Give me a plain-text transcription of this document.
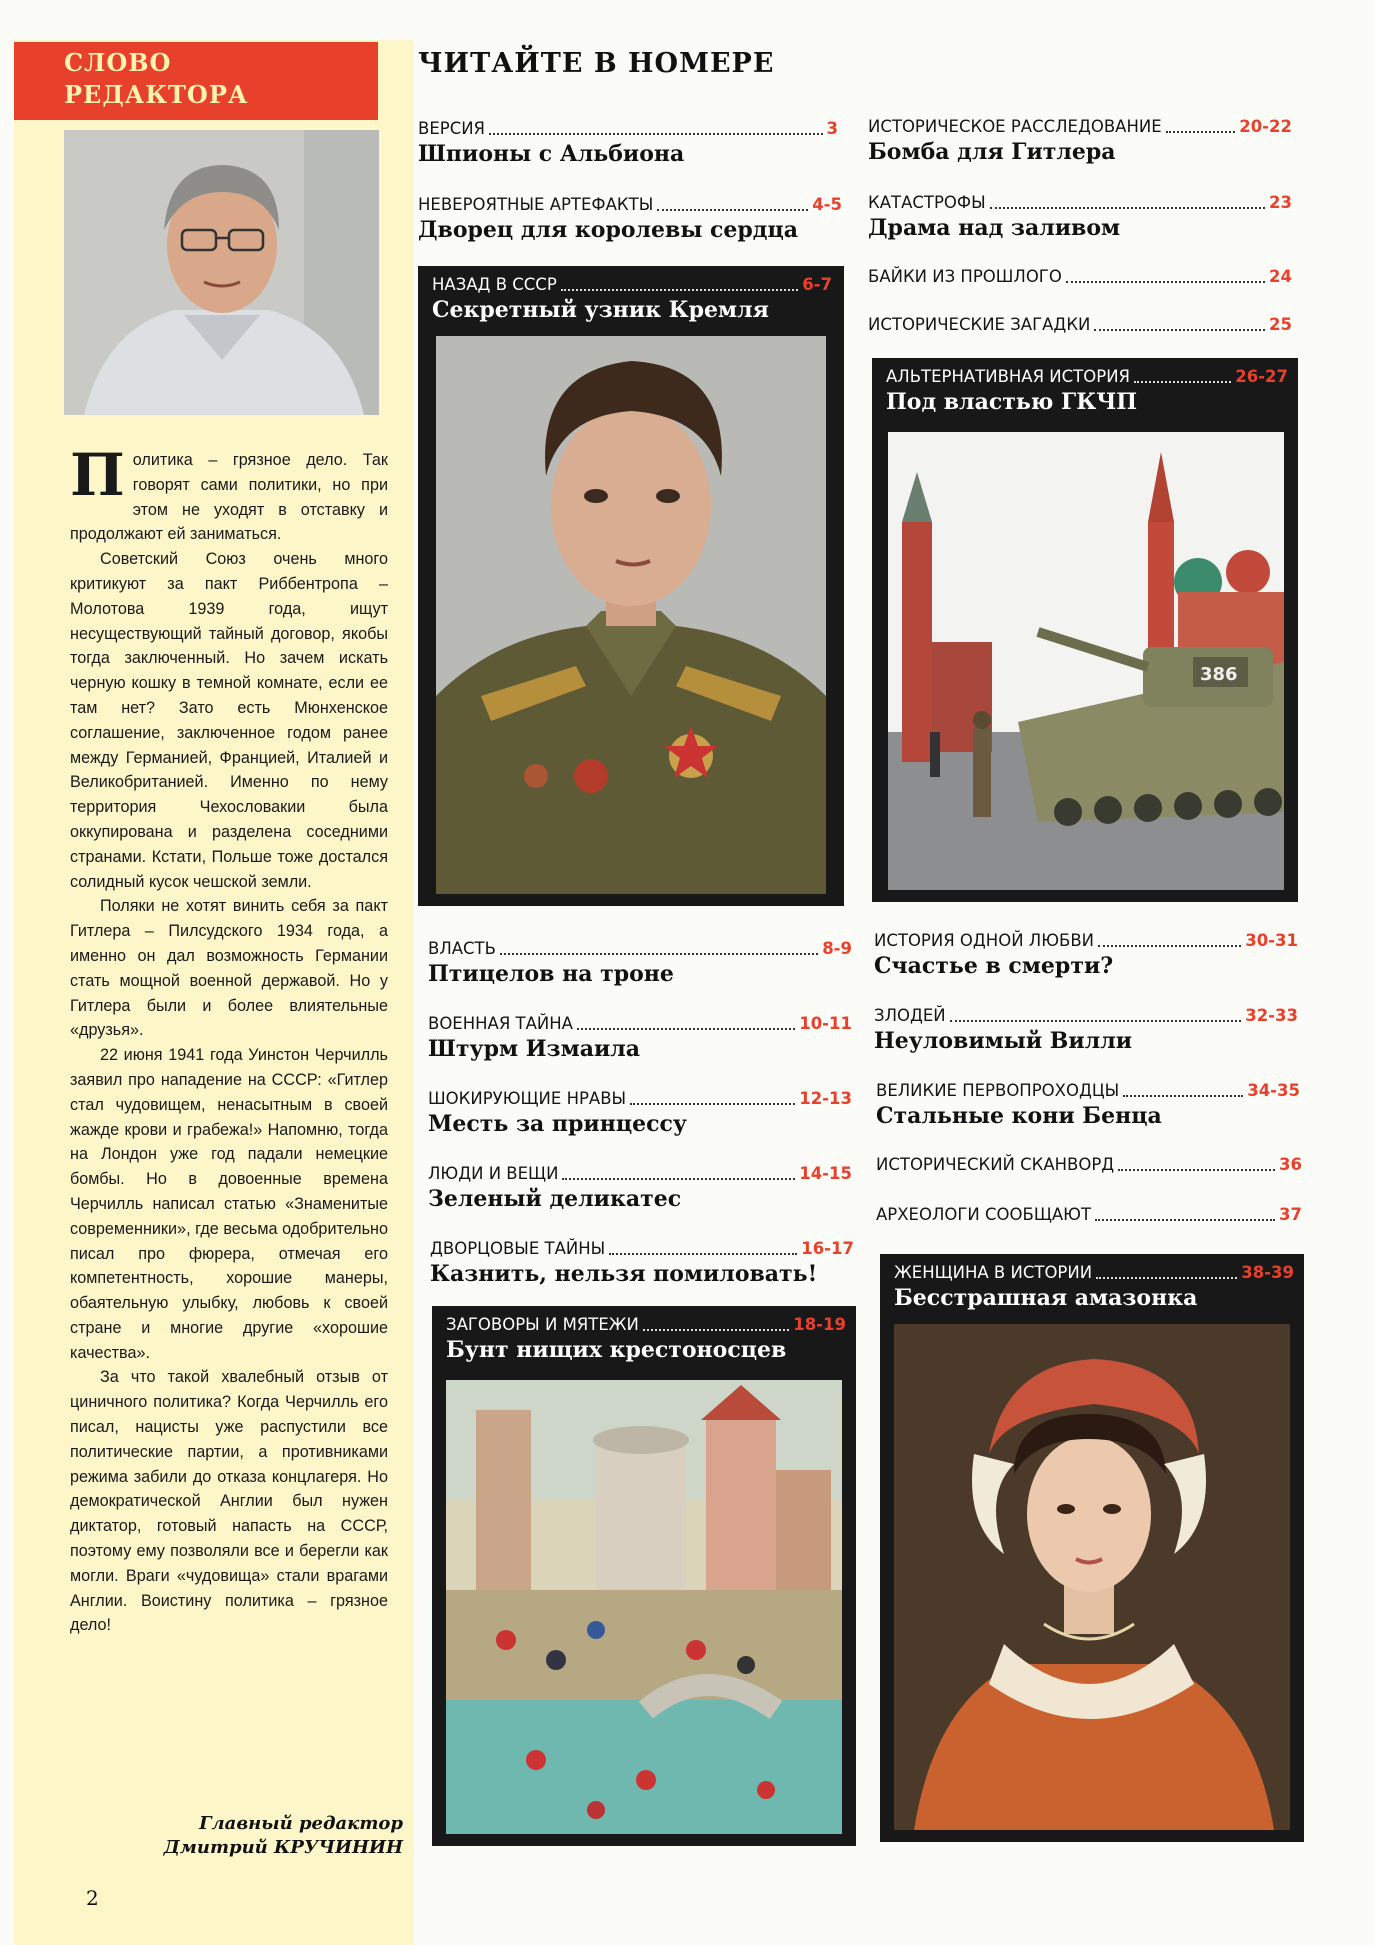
СЛОВО
РЕДАКТОРА

Политика – грязное дело. Так говорят сами политики, но при этом не уходят в отставку и продолжают ей заниматься.

Советский Союз очень много критикуют за пакт Риббентропа – Молотова 1939 года, ищут несуществующий тайный договор, якобы тогда заключенный. Но зачем искать черную кошку в темной комнате, если ее там нет? Зато есть Мюнхенское соглашение, заключенное годом ранее между Германией, Францией, Италией и Великобританией. Именно по нему территория Чехословакии была оккупирована и разделена соседними странами. Кстати, Польше тоже достался солидный кусок чешской земли.

Поляки не хотят винить себя за пакт Гитлера – Пилсудского 1934 года, а именно он дал возможность Германии стать мощной военной державой. Но у Гитлера были и более влиятельные «друзья».

22 июня 1941 года Уинстон Черчилль заявил про нападение на СССР: «Гитлер стал чудовищем, ненасытным в своей жажде крови и грабежа!» Напомню, тогда на Лондон уже год падали немецкие бомбы. Но в довоенные времена Черчилль написал статью «Знаменитые современники», где весьма одобрительно писал про фюрера, отмечая его компетентность, хорошие манеры, обаятельную улыбку, любовь к своей стране и многие другие «хорошие качества».

За что такой хвалебный отзыв от циничного политика? Когда Черчилль его писал, нацисты уже распустили все политические партии, а противниками режима забили до отказа концлагеря. Но демократической Англии был нужен диктатор, готовый напасть на СССР, поэтому ему позволяли все и берегли как могли. Враги «чудовища» стали врагами Англии. Воистину политика – грязное дело!

Главный редактор
Дмитрий КРУЧИНИН
2
ЧИТАЙТЕ В НОМЕРЕ
ВЕРСИЯ	3
Шпионы с Альбиона
НЕВЕРОЯТНЫЕ АРТЕФАКТЫ	4-5
Дворец для королевы сердца
НАЗАД В СССР	6-7
Секретный узник Кремля
ВЛАСТЬ	8-9
Птицелов на троне
ВОЕННАЯ ТАЙНА	10-11
Штурм Измаила
ШОКИРУЮЩИЕ НРАВЫ	12-13
Месть за принцессу
ЛЮДИ И ВЕЩИ	14-15
Зеленый деликатес
ДВОРЦОВЫЕ ТАЙНЫ	16-17
Казнить, нельзя помиловать!
ЗАГОВОРЫ И МЯТЕЖИ	18-19
Бунт нищих крестоносцев
ИСТОРИЧЕСКОЕ РАССЛЕДОВАНИЕ	20-22
Бомба для Гитлера
КАТАСТРОФЫ	23
Драма над заливом
БАЙКИ ИЗ ПРОШЛОГО	24
ИСТОРИЧЕСКИЕ ЗАГАДКИ	25
АЛЬТЕРНАТИВНАЯ ИСТОРИЯ	26-27
Под властью ГКЧП
386
ИСТОРИЯ ОДНОЙ ЛЮБВИ	30-31
Счастье в смерти?
ЗЛОДЕЙ	32-33
Неуловимый Вилли
ВЕЛИКИЕ ПЕРВОПРОХОДЦЫ	34-35
Стальные кони Бенца
ИСТОРИЧЕСКИЙ СКАНВОРД	36
АРХЕОЛОГИ СООБЩАЮТ	37
ЖЕНЩИНА В ИСТОРИИ	38-39
Бесстрашная амазонка
